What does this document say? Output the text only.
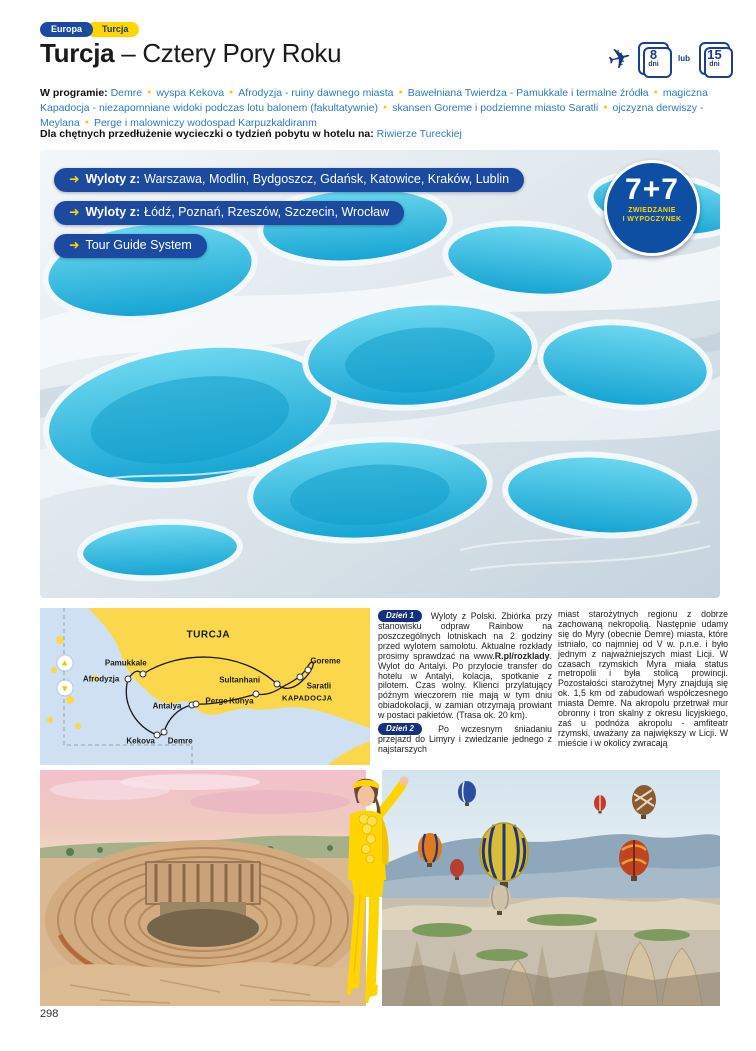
Europa	Turcja
Turcja – Cztery Pory Roku	✈ 8
dni
lub 15
dni

W programie: Demre ● wyspa Kekova ● Afrodyzja - ruiny dawnego miasta ● Bawełniana Twierdza - Pamukkale i termalne źródła ● magiczna Kapadocja - niezapomniane widoki podczas lotu balonem (fakultatywnie) ● skansen Goreme i podziemne miasto Saratli ● ojczyzna derwiszy - Meylana ● Perge i malowniczy wodospad Karpuzkaldiranm

Dla chętnych przedłużenie wycieczki o tydzień pobytu w hotelu na: Riwierze Tureckiej

➜ Wyloty z: Warszawa, Modlin, Bydgoszcz, Gdańsk, Katowice, Kraków, Lublin
➜ Wyloty z: Łódź, Poznań, Rzeszów, Szczecin, Wrocław
➜ Tour Guide System
7+7
ZWIEDZANIE
I WYPOCZYNEK
TURCJA
KAPADOCJA
Pamukkale
Afrodyzja	Sultanhani
Goreme
Saratli
Konya
Antalya
Perge
Kekova Demre
▲
▼

Dzień 1 Wyloty z Polski. Zbiórka przy stanowisku odpraw Rainbow na poszczególnych lotniskach na 2 godziny przed wylotem samolotu. Aktualne rozkłady prosimy sprawdzać na www.R.pl/rozklady. Wylot do Antalyi. Po przylocie transfer do hotelu w Antalyi, kolacja, spotkanie z pilotem. Czas wolny. Klienci przylatujący późnym wieczorem nie mają w tym dniu obiadokolacji, w zamian otrzymają prowiant w postaci pakietów. (Trasa ok. 20 km).

Dzień 2 Po wczesnym śniadaniu przejazd do Limyry i zwiedzanie jednego z najstarszych

miast starożytnych regionu z dobrze zachowaną nekropolią. Następnie udamy się do Myry (obecnie Demre) miasta, które istniało, co najmniej od V w. p.n.e. i było jednym z najważniejszych miast Licji. W czasach rzymskich Myra miała status metropolii i była stolicą prowincji. Pozostałości starożytnej Myry znajdują się ok. 1,5 km od zabudowań współczesnego miasta Demre. Na akropolu przetrwał mur obronny i tron skalny z okresu licyjskiego, zaś u podnóża akropolu - amfiteatr rzymski, uważany za największy w Licji. W mieście i w okolicy zwracają

298
